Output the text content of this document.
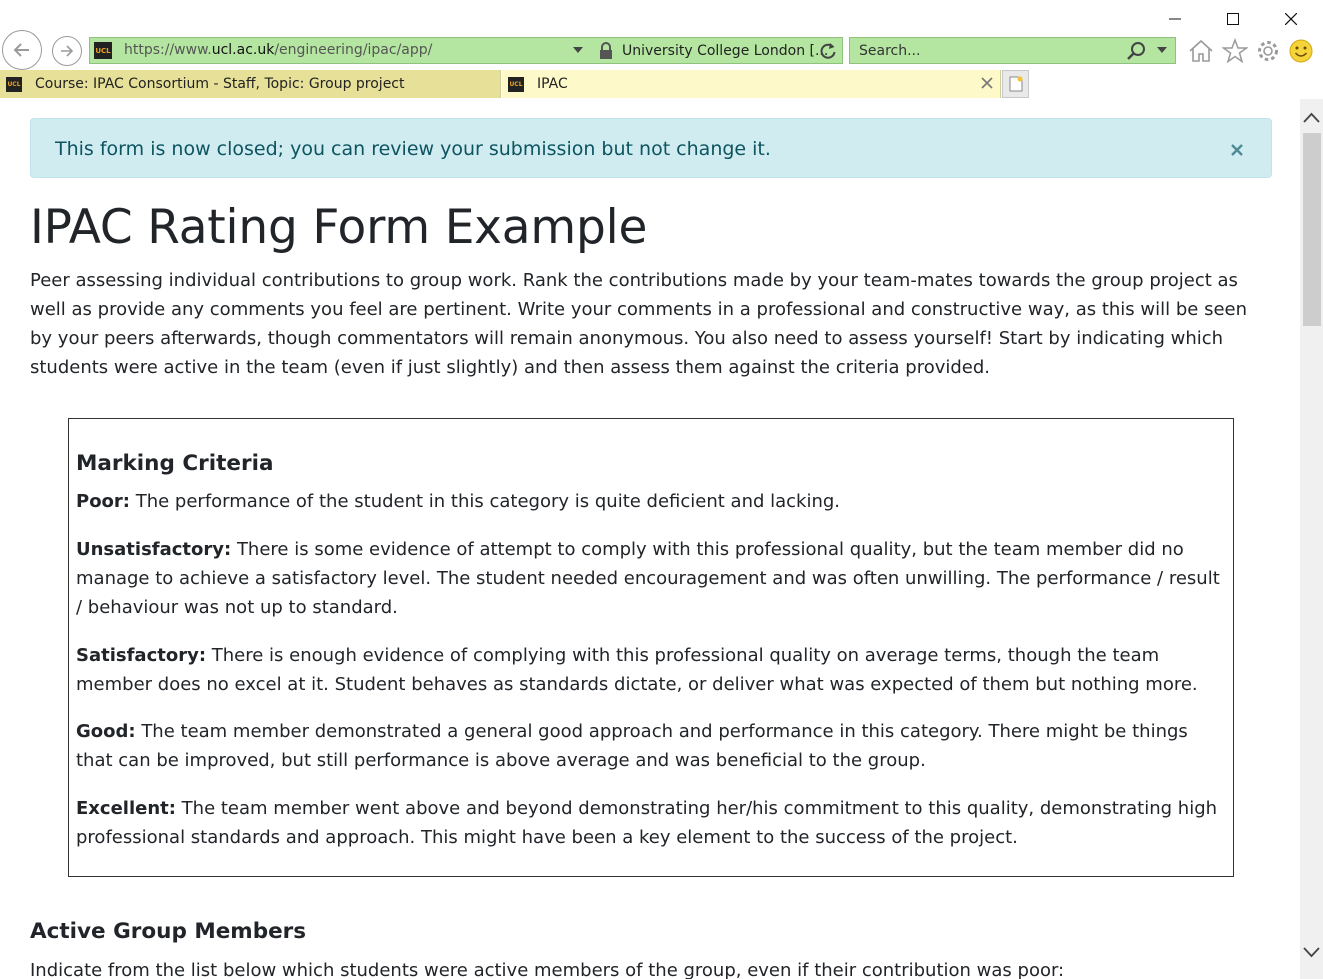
UCL https://www.ucl.ac.uk/engineering/ipac/app/	University College London [... Search...
UCL Course: IPAC Consortium - Staff, Topic: Group project	UCL IPAC
This form is now closed; you can review your submission but not change it.
IPAC Rating Form Example

Peer assessing individual contributions to group work. Rank the contributions made by your team-mates towards the group project as well as provide any comments you feel are pertinent. Write your comments in a professional and constructive way, as this will be seen by your peers afterwards, though commentators will remain anonymous. You also need to assess yourself! Start by indicating which students were active in the team (even if just slightly) and then assess them against the criteria provided.

Marking Criteria

Poor: The performance of the student in this category is quite deficient and lacking.

Unsatisfactory: There is some evidence of attempt to comply with this professional quality, but the team member did no manage to achieve a satisfactory level. The student needed encouragement and was often unwilling. The performance / result / behaviour was not up to standard.

Satisfactory: There is enough evidence of complying with this professional quality on average terms, though the team member does no excel at it. Student behaves as standards dictate, or deliver what was expected of them but nothing more.

Good: The team member demonstrated a general good approach and performance in this category. There might be things that can be improved, but still performance is above average and was beneficial to the group.

Excellent: The team member went above and beyond demonstrating her/his commitment to this quality, demonstrating high professional standards and approach. This might have been a key element to the success of the project.

Active Group Members
Indicate from the list below which students were active members of the group, even if their contribution was poor:
